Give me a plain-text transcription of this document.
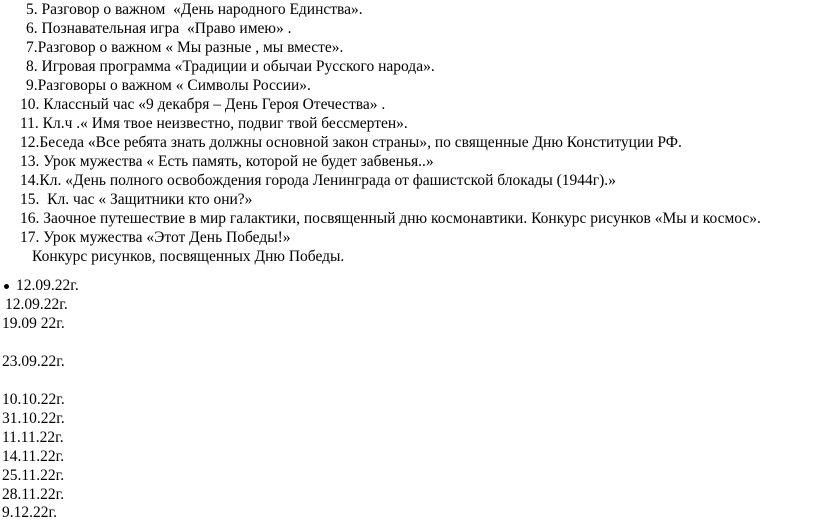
5. Разговор о важном  «День народного Единства».
6. Познавательная игра  «Право имею» .
7.Разговор о важном « Мы разные , мы вместе».
8. Игровая программа «Традиции и обычаи Русского народа».
9.Разговоры о важном « Символы России».
10. Классный час «9 декабря – День Героя Отечества» .
11. Кл.ч .« Имя твое неизвестно, подвиг твой бессмертен».
12.Беседа «Все ребята знать должны основной закон страны», по священные Дню Конституции РФ.
13. Урок мужества « Есть память, которой не будет забвенья..»
14.Кл. «День полного освобождения города Ленинграда от фашистской блокады (1944г).»
15.  Кл. час « Защитники кто они?»
16. Заочное путешествие в мир галактики, посвященный дню космонавтики. Конкурс рисунков «Мы и космос».
17. Урок мужества «Этот День Победы!»
Конкурс рисунков, посвященных Дню Победы.
12.09.22г.
12.09.22г.
19.09 22г.
23.09.22г.
10.10.22г.
31.10.22г.
11.11.22г.
14.11.22г.
25.11.22г.
28.11.22г.
9.12.22г.
